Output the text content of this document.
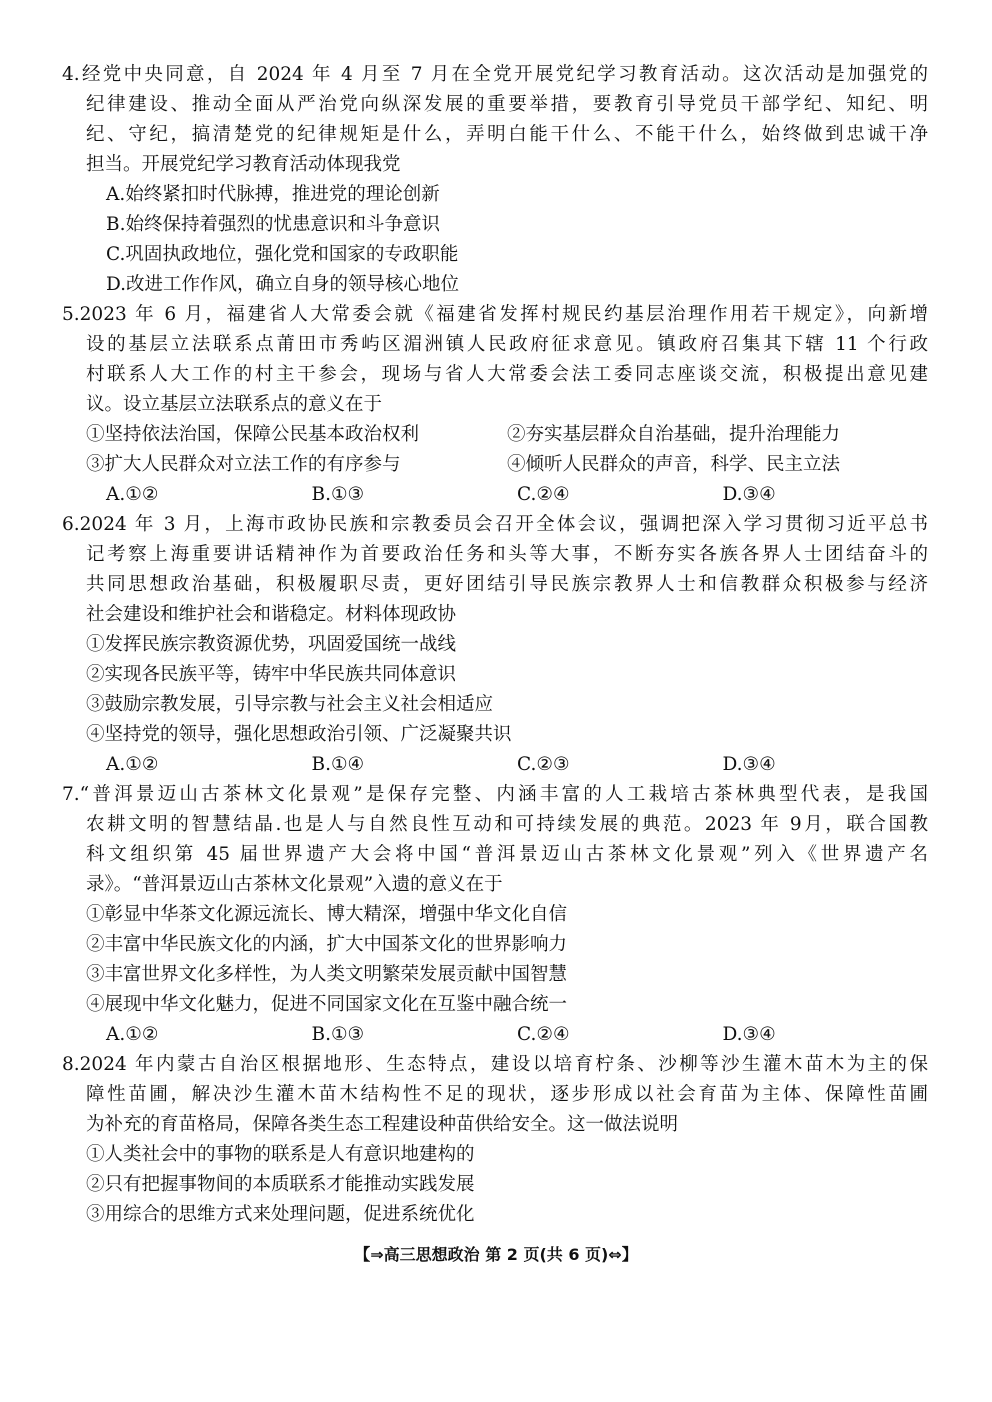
4.经党中央同意，自 2024 年 4 月至 7 月在全党开展党纪学习教育活动。这次活动是加强党的
纪律建设、推动全面从严治党向纵深发展的重要举措，要教育引导党员干部学纪、知纪、明
纪、守纪，搞清楚党的纪律规矩是什么，弄明白能干什么、不能干什么，始终做到忠诚干净
担当。开展党纪学习教育活动体现我党
A.始终紧扣时代脉搏，推进党的理论创新
B.始终保持着强烈的忧患意识和斗争意识
C.巩固执政地位，强化党和国家的专政职能
D.改进工作作风，确立自身的领导核心地位
5.2023 年 6 月，福建省人大常委会就《福建省发挥村规民约基层治理作用若干规定》，向新增
设的基层立法联系点莆田市秀屿区湄洲镇人民政府征求意见。镇政府召集其下辖 11 个行政
村联系人大工作的村主干参会，现场与省人大常委会法工委同志座谈交流，积极提出意见建
议。设立基层立法联系点的意义在于
①坚持依法治国，保障公民基本政治权利	②夯实基层群众自治基础，提升治理能力
③扩大人民群众对立法工作的有序参与	④倾听人民群众的声音，科学、民主立法
A.①②	B.①③	C.②④	D.③④
6.2024 年 3 月，上海市政协民族和宗教委员会召开全体会议，强调把深入学习贯彻习近平总书
记考察上海重要讲话精神作为首要政治任务和头等大事，不断夯实各族各界人士团结奋斗的
共同思想政治基础，积极履职尽责，更好团结引导民族宗教界人士和信教群众积极参与经济
社会建设和维护社会和谐稳定。材料体现政协
①发挥民族宗教资源优势，巩固爱国统一战线
②实现各民族平等，铸牢中华民族共同体意识
③鼓励宗教发展，引导宗教与社会主义社会相适应
④坚持党的领导，强化思想政治引领、广泛凝聚共识
A.①②	B.①④	C.②③	D.③④
7.“普洱景迈山古茶林文化景观”是保存完整、内涵丰富的人工栽培古茶林典型代表，是我国
农耕文明的智慧结晶.也是人与自然良性互动和可持续发展的典范。2023 年 9月，联合国教
科文组织第 45 届世界遗产大会将中国“普洱景迈山古茶林文化景观”列入《世界遗产名
录》。“普洱景迈山古茶林文化景观”入遗的意义在于
①彰显中华茶文化源远流长、博大精深，增强中华文化自信
②丰富中华民族文化的内涵，扩大中国茶文化的世界影响力
③丰富世界文化多样性，为人类文明繁荣发展贡献中国智慧
④展现中华文化魅力，促进不同国家文化在互鉴中融合统一
A.①②	B.①③	C.②④	D.③④
8.2024 年内蒙古自治区根据地形、生态特点，建设以培育柠条、沙柳等沙生灌木苗木为主的保
障性苗圃，解决沙生灌木苗木结构性不足的现状，逐步形成以社会育苗为主体、保障性苗圃
为补充的育苗格局，保障各类生态工程建设种苗供给安全。这一做法说明
①人类社会中的事物的联系是人有意识地建构的
②只有把握事物间的本质联系才能推动实践发展
③用综合的思维方式来处理问题，促进系统优化
【⇒高三思想政治 第 2 页(共 6 页)⇔】
